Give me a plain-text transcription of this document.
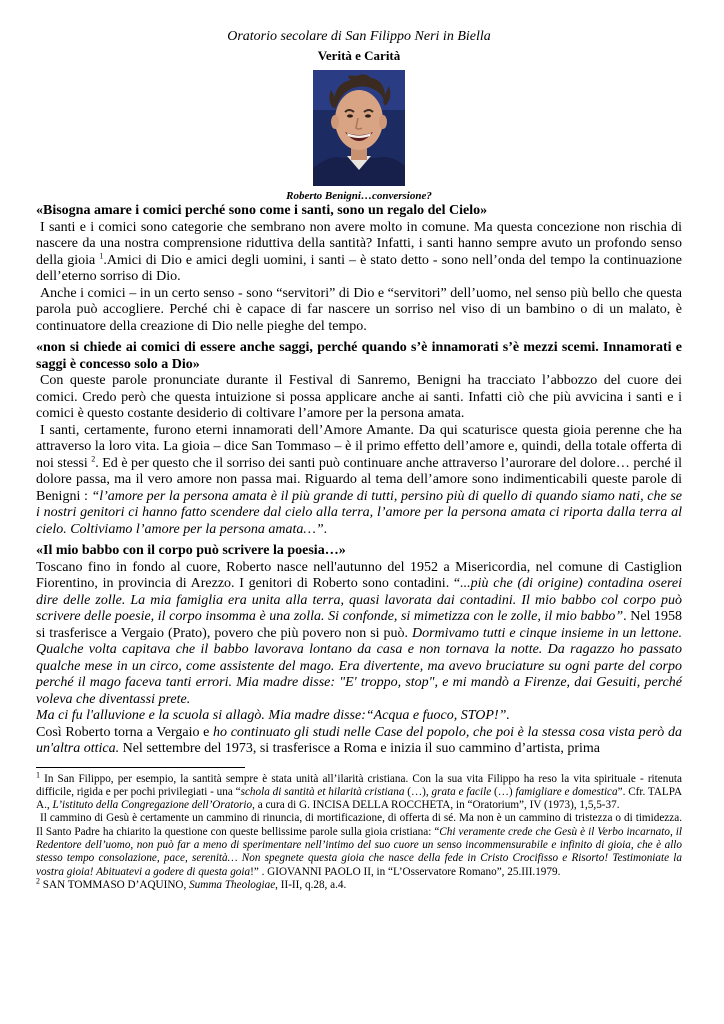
Oratorio secolare di San Filippo Neri in Biella
Verità e Carità
Roberto Benigni…conversione?

«Bisogna amare i comici perché sono come i santi, sono un regalo del Cielo»

I santi e i comici sono categorie che sembrano non avere molto in comune. Ma questa concezione non rischia di nascere da una nostra comprensione riduttiva della santità? Infatti, i santi hanno sempre avuto un profondo senso della gioia $^1$.Amici di Dio e amici degli uomini, i santi – è stato detto - sono nell’onda del tempo la continuazione dell’eterno sorriso di Dio.

Anche i comici – in un certo senso - sono “servitori” di Dio e “servitori” dell’uomo, nel senso più bello che questa parola può accogliere. Perché chi è capace di far nascere un sorriso nel viso di un bambino o di un malato, è continuatore della creazione di Dio nelle pieghe del tempo.

«non si chiede ai comici di essere anche saggi, perché quando s’è innamorati s’è mezzi scemi. Innamorati e saggi è concesso solo a Dio»

Con queste parole pronunciate durante il Festival di Sanremo, Benigni ha tracciato l’abbozzo del cuore dei comici. Credo però che questa intuizione si possa applicare anche ai santi. Infatti ciò che più avvicina i santi e i comici è questo costante desiderio di coltivare l’amore per la persona amata.

I santi, certamente, furono eterni innamorati dell’Amore Amante. Da qui scaturisce questa gioia perenne che ha attraverso la loro vita. La gioia – dice San Tommaso – è il primo effetto dell’amore e, quindi, della totale offerta di noi stessi $^2$. Ed è per questo che il sorriso dei santi può continuare anche attraverso l’aurorare del dolore… perché il dolore passa, ma il vero amore non passa mai. Riguardo al tema dell’amore sono indimenticabili queste parole di Benigni : “l’amore per la persona amata è il più grande di tutti, persino più di quello di quando siamo nati, che se i nostri genitori ci hanno fatto scendere dal cielo alla terra, l’amore per la persona amata ci riporta dalla terra al cielo. Coltiviamo l’amore per la persona amata…”.

«Il mio babbo con il corpo può scrivere la poesia…»

Toscano fino in fondo al cuore, Roberto nasce nell'autunno del 1952 a Misericordia, nel comune di Castiglion Fiorentino, in provincia di Arezzo. I genitori di Roberto sono contadini. “...più che (di origine) contadina oserei dire delle zolle. La mia famiglia era unita alla terra, quasi lavorata dai contadini. Il mio babbo col corpo può scrivere delle poesie, il corpo insomma è una zolla. Si confonde, si mimetizza con le zolle, il mio babbo”. Nel 1958 si trasferisce a Vergaio (Prato), povero che più povero non si può. Dormivamo tutti e cinque insieme in un lettone. Qualche volta capitava che il babbo lavorava lontano da casa e non tornava la notte. Da ragazzo ho passato qualche mese in un circo, come assistente del mago. Era divertente, ma avevo bruciature su ogni parte del corpo perché il mago faceva tanti errori. Mia madre disse: "E' troppo, stop", e mi mandò a Firenze, dai Gesuiti, perché voleva che diventassi prete.

Ma ci fu l'alluvione e la scuola si allagò. Mia madre disse:“Acqua e fuoco, STOP!”.

Così Roberto torna a Vergaio e ho continuato gli studi nelle Case del popolo, che poi è la stessa cosa vista però da un'altra ottica. Nel settembre del 1973, si trasferisce a Roma e inizia il suo cammino d’artista, prima

$^1$ In San Filippo, per esempio, la santità sempre è stata unità all’ilarità cristiana. Con la sua vita Filippo ha reso la vita spirituale - ritenuta difficile, rigida e per pochi privilegiati - una “schola di santità et hilarità cristiana (…), grata e facile (…) famigliare e domestica”. Cfr. TALPA A., L’istituto della Congregazione dell’Oratorio, a cura di G. INCISA DELLA ROCCHETA, in “Oratorium”, IV (1973), 1,5,5-37.

Il cammino di Gesù è certamente un cammino di rinuncia, di mortificazione, di offerta di sé. Ma non è un cammino di tristezza o di timidezza. Il Santo Padre ha chiarito la questione con queste bellissime parole sulla gioia cristiana: “Chi veramente crede che Gesù è il Verbo incarnato, il Redentore dell’uomo, non può far a meno di sperimentare nell’intimo del suo cuore un senso incommensurabile e infinito di gioia, che è allo stesso tempo consolazione, pace, serenità… Non spegnete questa gioia che nasce della fede in Cristo Crocifisso e Risorto! Testimoniate la vostra gioia! Abituatevi a godere di questa goia!” . GIOVANNI PAOLO II, in “L’Osservatore Romano”, 25.III.1979.

$^2$ SAN TOMMASO D’AQUINO, Summa Theologiae, II-II, q.28, a.4.
